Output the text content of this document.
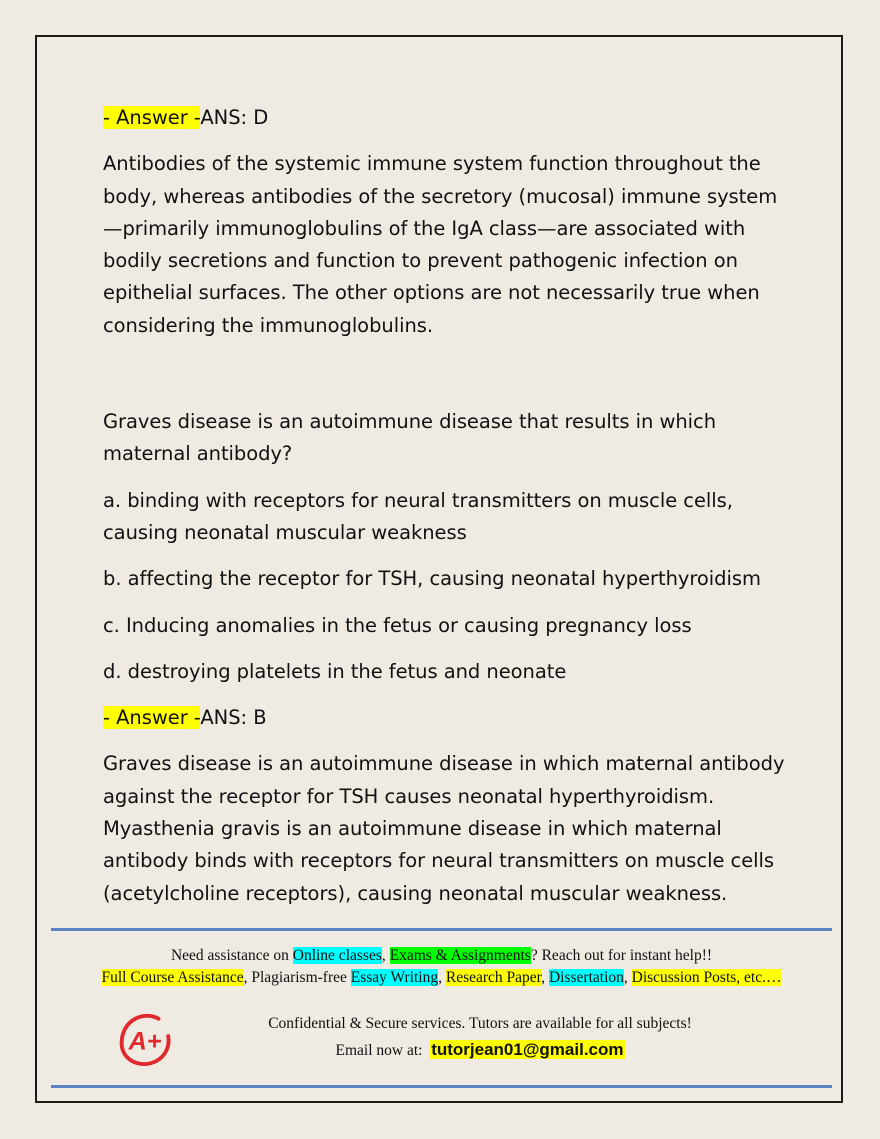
- Answer -ANS: D

Antibodies of the systemic immune system function throughout the body, whereas antibodies of the secretory (mucosal) immune system—primarily immunoglobulins of the IgA class—are associated with bodily secretions and function to prevent pathogenic infection on epithelial surfaces. The other options are not necessarily true when considering the immunoglobulins.

Graves disease is an autoimmune disease that results in which maternal antibody?

a. binding with receptors for neural transmitters on muscle cells, causing neonatal muscular weakness

b. affecting the receptor for TSH, causing neonatal hyperthyroidism

c. Inducing anomalies in the fetus or causing pregnancy loss

d. destroying platelets in the fetus and neonate

- Answer -ANS: B

Graves disease is an autoimmune disease in which maternal antibody against the receptor for TSH causes neonatal hyperthyroidism. Myasthenia gravis is an autoimmune disease in which maternal antibody binds with receptors for neural transmitters on muscle cells (acetylcholine receptors), causing neonatal muscular weakness.

Need assistance on Online classes, Exams & Assignments? Reach out for instant help!!
Full Course Assistance, Plagiarism-free Essay Writing, Research Paper, Dissertation, Discussion Posts, etc.…
A+
Confidential & Secure services. Tutors are available for all subjects!
Email now at: tutorjean01@gmail.com
